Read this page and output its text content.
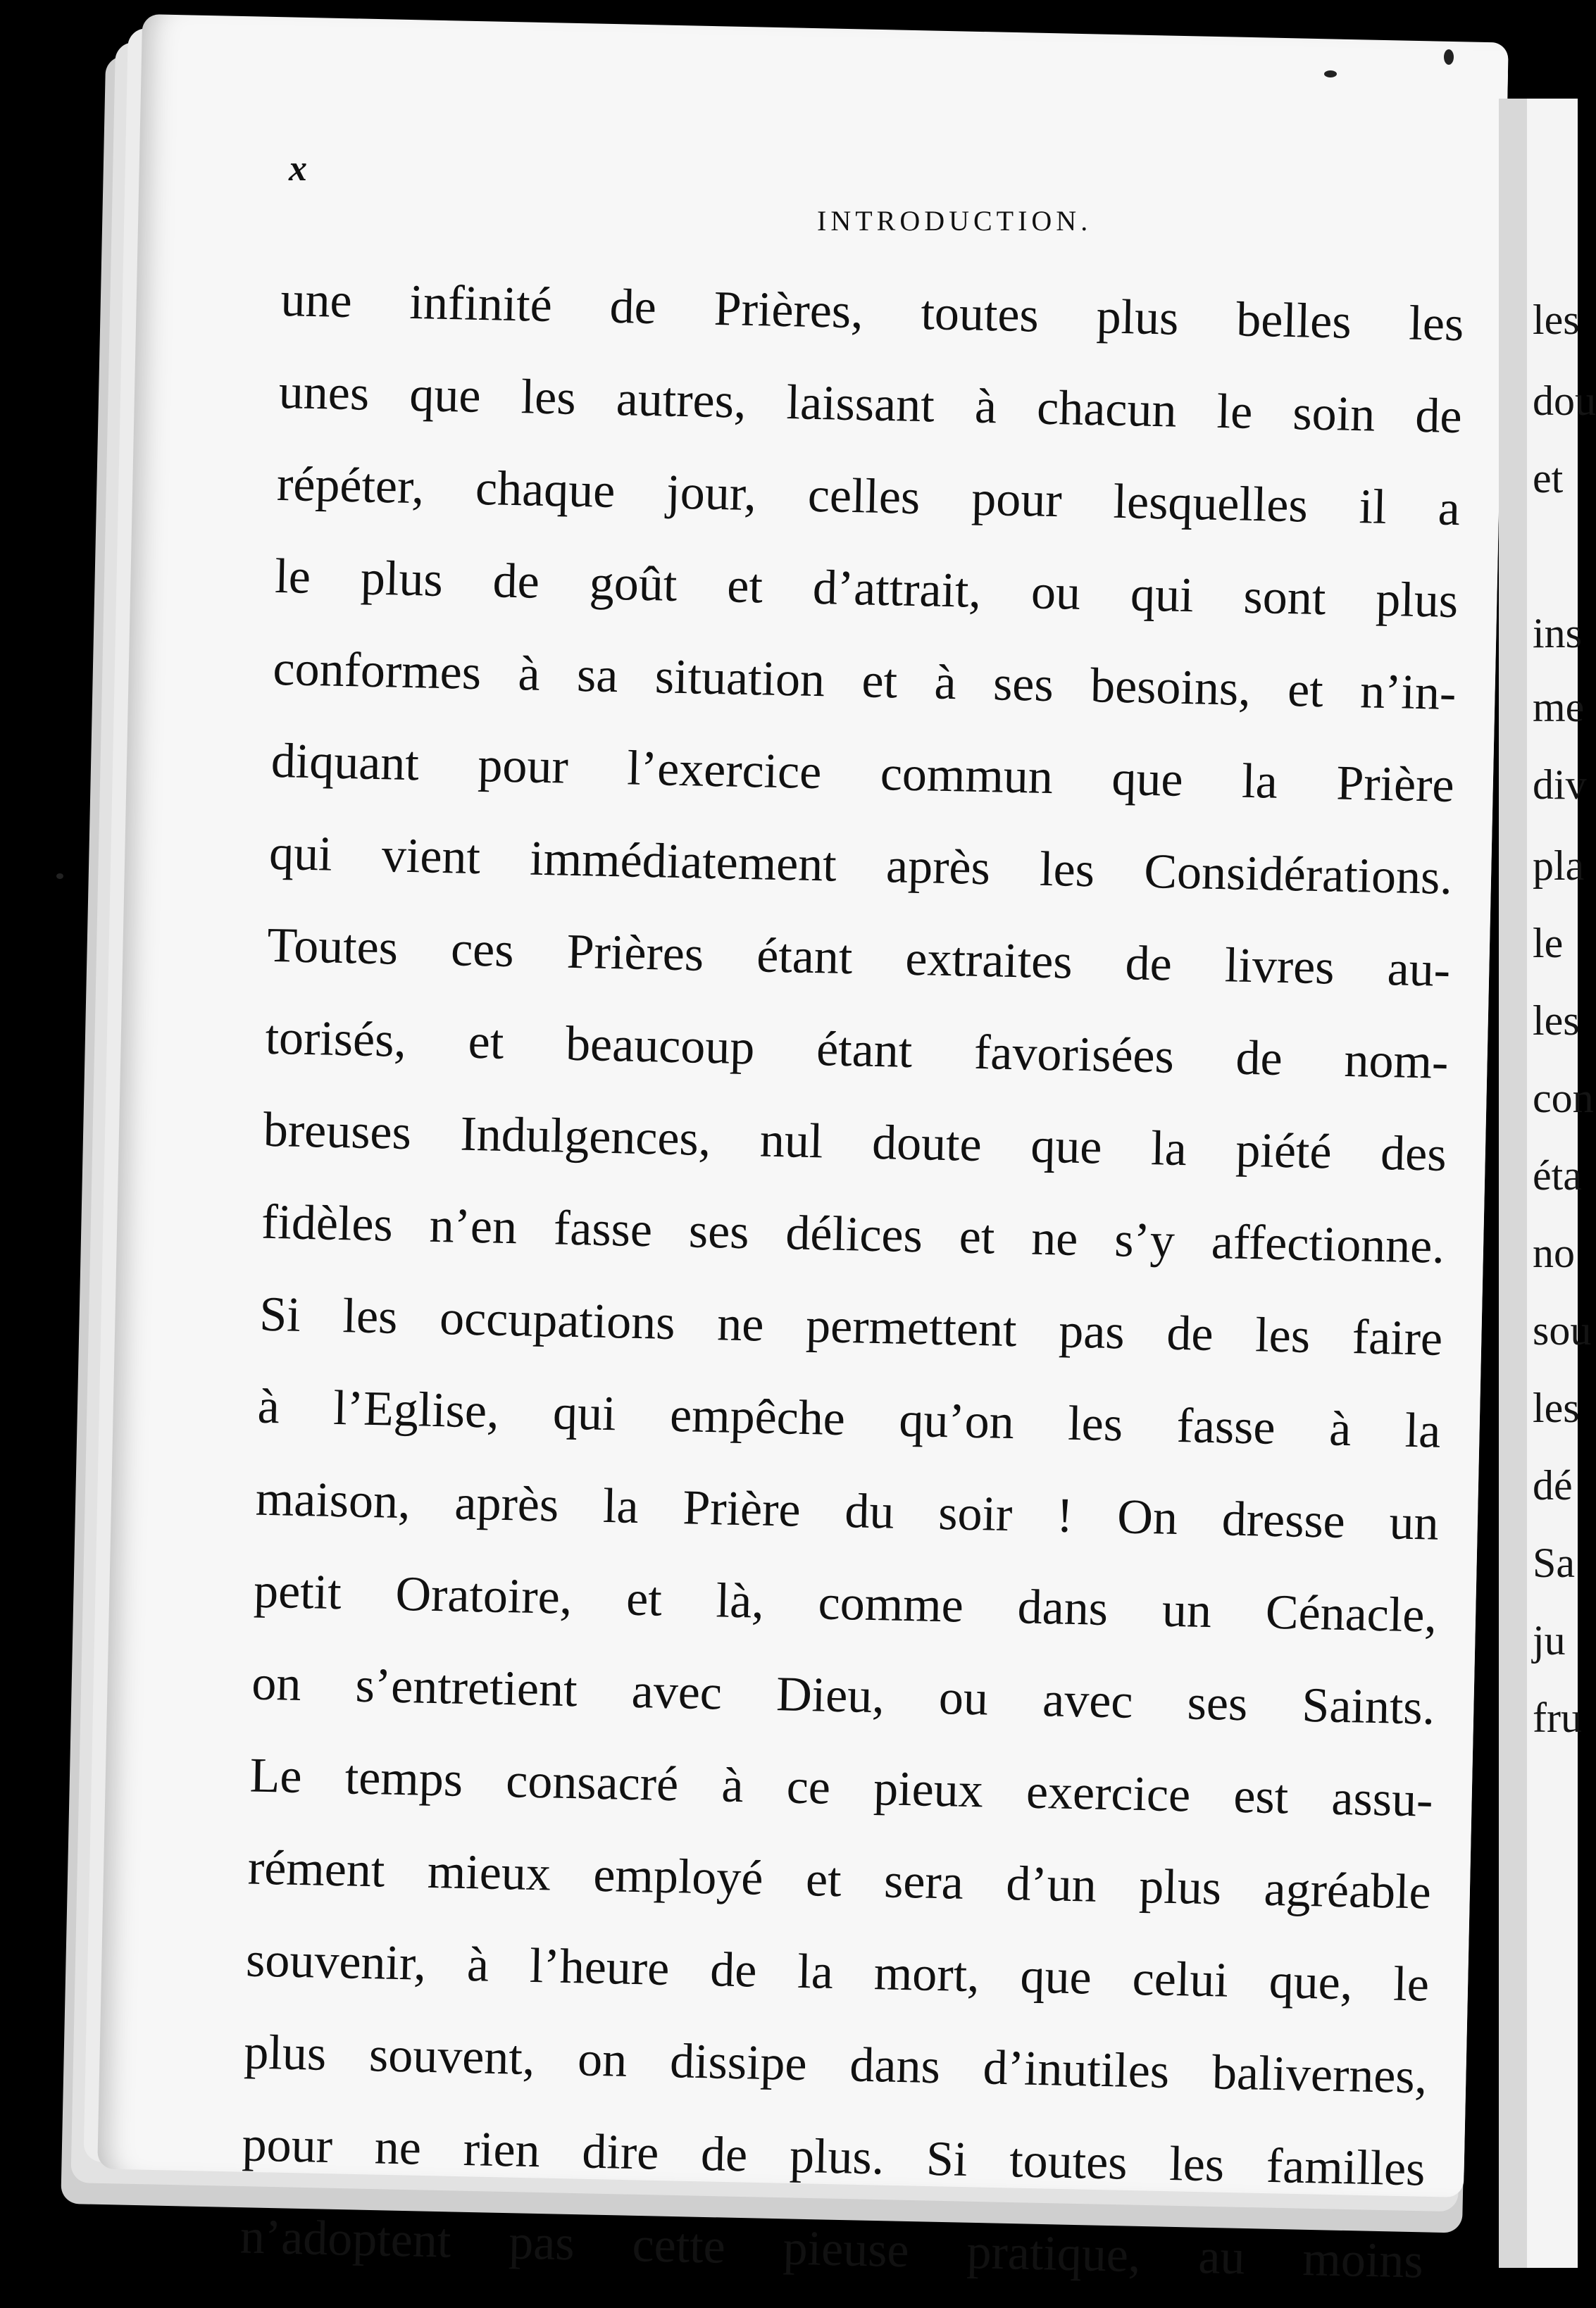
x
INTRODUCTION.
une infinité de Prières, toutes plus belles les
unes que les autres, laissant à chacun le soin de
répéter, chaque jour, celles pour lesquelles il a
le plus de goût et d’attrait, ou qui sont plus
conformes à sa situation et à ses besoins, et n’in-
diquant pour l’exercice commun que la Prière
qui vient immédiatement après les Considérations.
Toutes ces Prières étant extraites de livres au-
torisés, et beaucoup étant favorisées de nom-
breuses Indulgences, nul doute que la piété des
fidèles n’en fasse ses délices et ne s’y affectionne.
Si les occupations ne permettent pas de les faire
à l’Eglise, qui empêche qu’on les fasse à la
maison, après la Prière du soir ! On dresse un
petit Oratoire, et là, comme dans un Cénacle,
on s’entretient avec Dieu, ou avec ses Saints.
Le temps consacré à ce pieux exercice est assu-
rément mieux employé et sera d’un plus agréable
souvenir, à l’heure de la mort, que celui que, le
plus souvent, on dissipe dans d’inutiles balivernes,
pour ne rien dire de plus. Si toutes les familles
n’adoptent pas cette pieuse pratique, au moins
les
dou
et
ins
me
div
pla
le
les
con
éta
no
sou
les
dé
Sa
ju
fru
